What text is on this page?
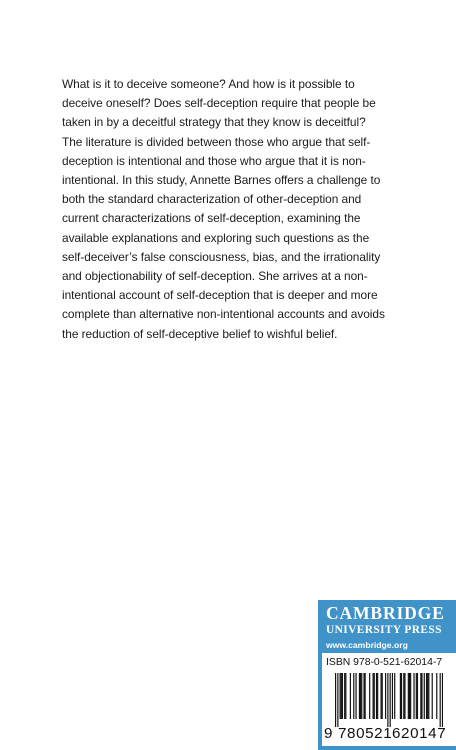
What is it to deceive someone? And how is it possible to
deceive oneself? Does self-deception require that people be
taken in by a deceitful strategy that they know is deceitful?
The literature is divided between those who argue that self-
deception is intentional and those who argue that it is non-
intentional. In this study, Annette Barnes offers a challenge to
both the standard characterization of other-deception and
current characterizations of self-deception, examining the
available explanations and exploring such questions as the
self-deceiver’s false consciousness, bias, and the irrationality
and objectionability of self-deception. She arrives at a non-
intentional account of self-deception that is deeper and more
complete than alternative non-intentional accounts and avoids
the reduction of self-deceptive belief to wishful belief.
CAMBRIDGE
UNIVERSITY PRESS
www.cambridge.org
ISBN 978-0-521-62014-7
9 780521 620147
